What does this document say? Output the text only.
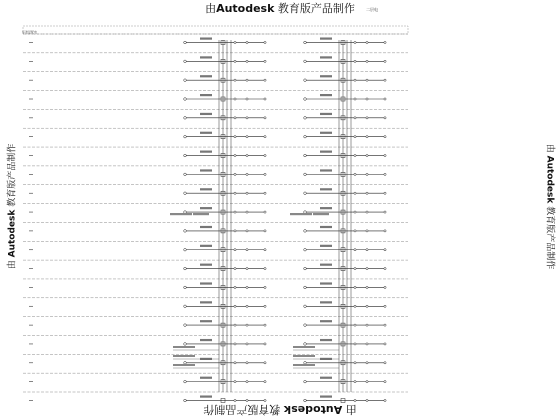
由Autodesk 教育版产品制作	二层电
标准层配电
由 Autodesk 教育版产品制作	由 Autodesk 教育版产品制作
由 Autodesk 教育版产品制作
